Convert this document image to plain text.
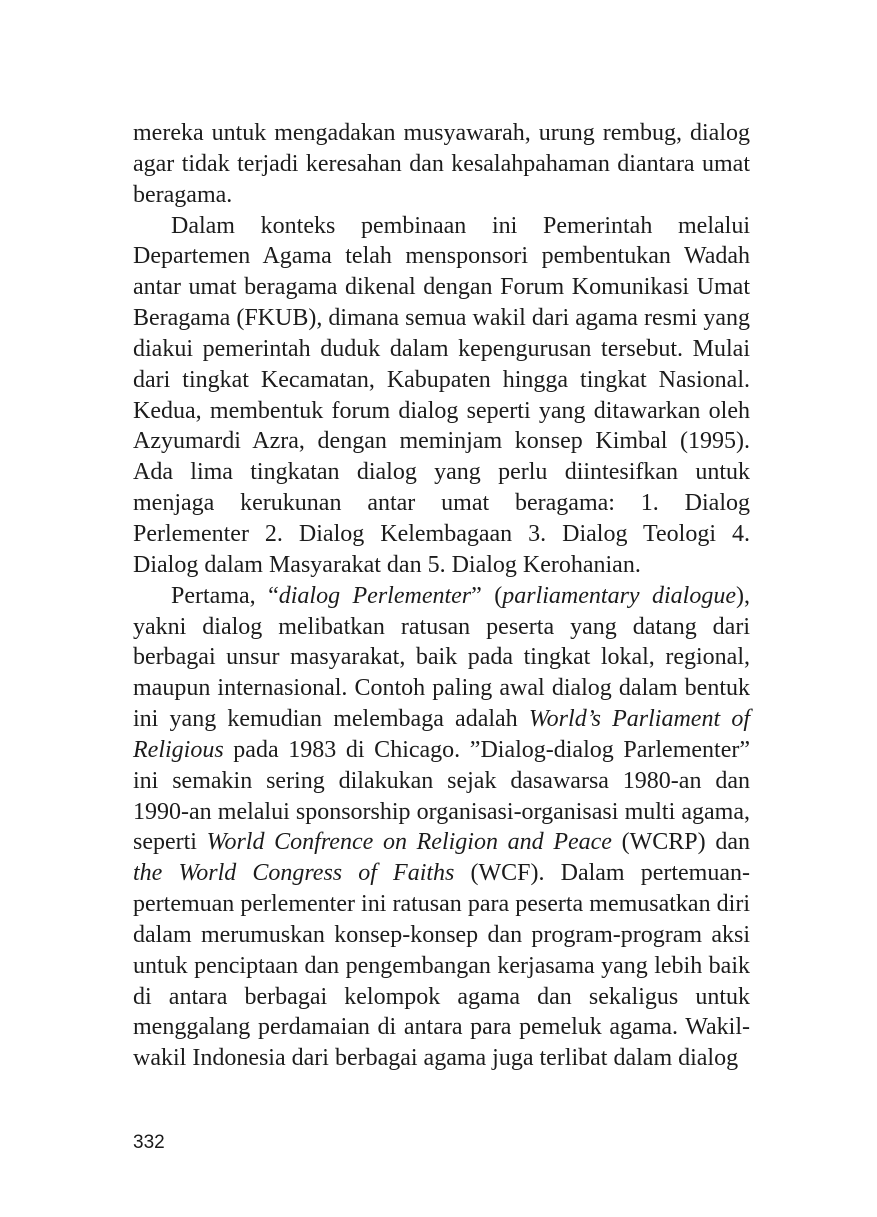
mereka untuk mengadakan musyawarah, urung rembug, dialog agar tidak terjadi keresahan dan kesalahpahaman diantara umat beragama.

Dalam konteks pembinaan ini Pemerintah melalui Departemen Agama telah mensponsori pembentukan Wadah antar umat beragama dikenal dengan Forum Komunikasi Umat Beragama (FKUB), dimana semua wakil dari agama resmi yang diakui pemerintah duduk dalam kepengurusan tersebut. Mulai dari tingkat Kecamatan, Kabupaten hingga tingkat Nasional. Kedua, membentuk forum dialog seperti yang ditawarkan oleh Azyumardi Azra, dengan meminjam konsep Kimbal (1995). Ada lima tingkatan dialog yang perlu diintesifkan untuk menjaga kerukunan antar umat beragama: 1. Dialog Perlementer 2. Dialog Kelembagaan 3. Dialog Teologi 4. Dialog dalam Masyarakat dan 5. Dialog Kerohanian.

Pertama, “dialog Perlementer” (parliamentary dialogue), yakni dialog melibatkan ratusan peserta yang datang dari berbagai unsur masyarakat, baik pada tingkat lokal, regional, maupun internasional. Contoh paling awal dialog dalam bentuk ini yang kemudian melembaga adalah World’s Parliament of Religious pada 1983 di Chicago. ”Dialog-dialog Parlementer” ini semakin sering dilakukan sejak dasawarsa 1980-an dan 1990-an melalui sponsorship organisasi-organisasi multi agama, seperti World Confrence on Religion and Peace (WCRP) dan the World Congress of Faiths (WCF). Dalam pertemuan-pertemuan perlementer ini ratusan para peserta memusatkan diri dalam merumuskan konsep-konsep dan program-program aksi untuk penciptaan dan pengembangan kerjasama yang lebih baik di antara berbagai kelompok agama dan sekaligus untuk menggalang perdamaian di antara para pemeluk agama. Wakil-wakil Indonesia dari berbagai agama juga terlibat dalam dialog

332
